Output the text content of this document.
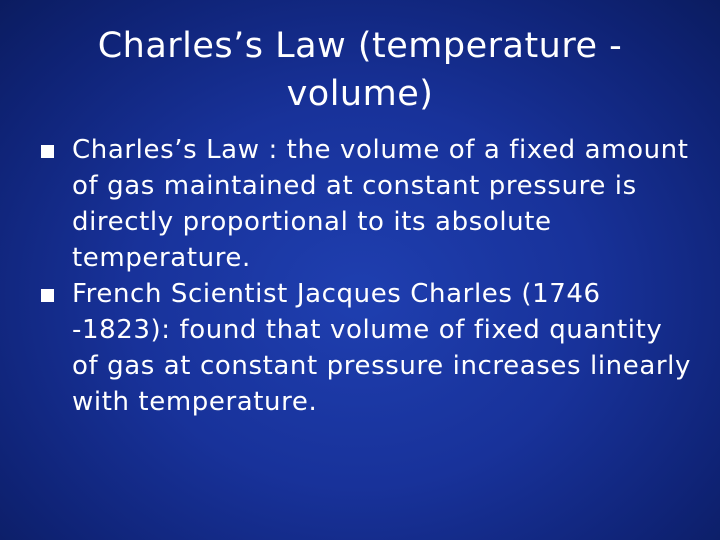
Charles’s Law (temperature - volume)
Charles’s Law : the volume of a fixed amount of gas maintained at constant pressure is directly proportional to its absolute temperature.
French Scientist Jacques Charles (1746 -1823): found that volume of fixed quantity of gas at constant pressure increases linearly with temperature.
